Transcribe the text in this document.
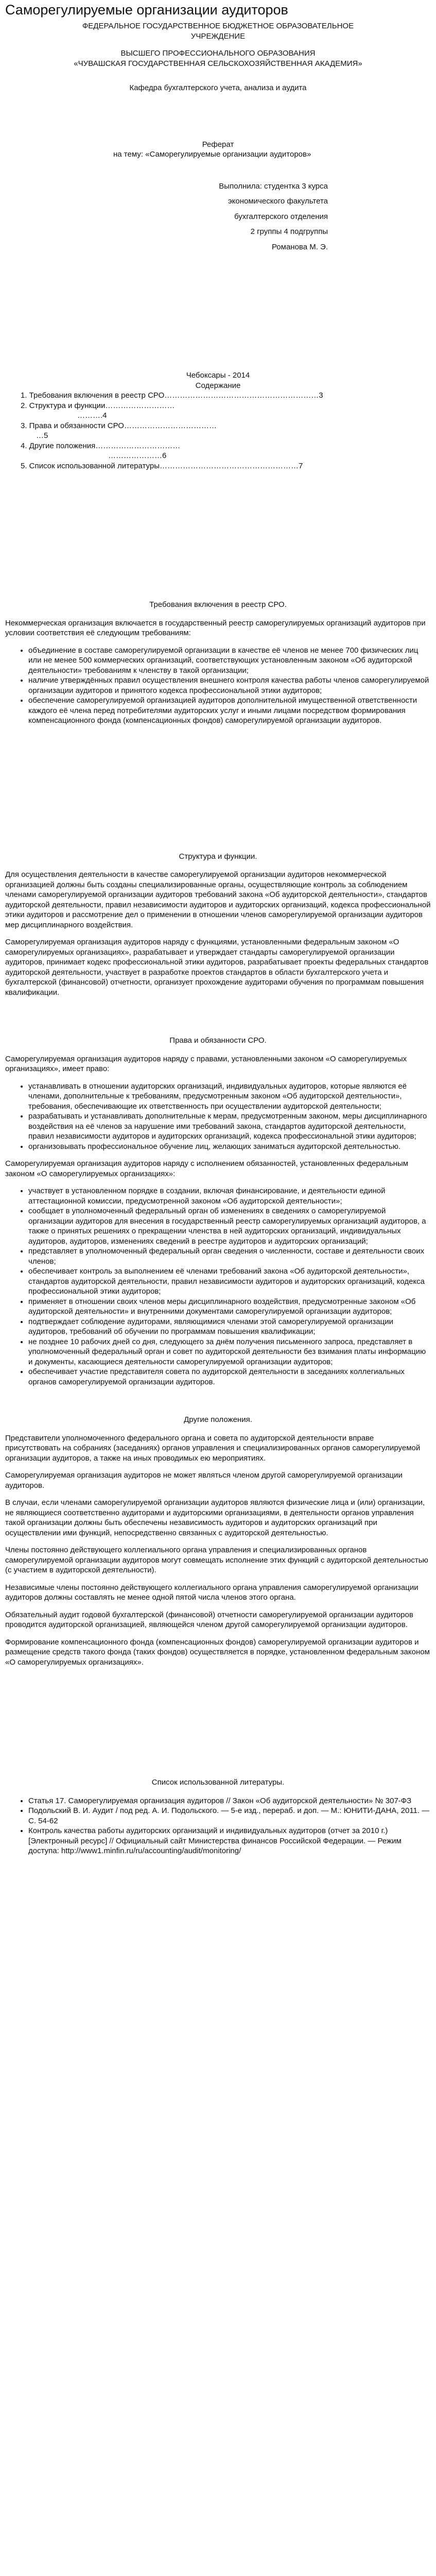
Саморегулируемые организации аудиторов
ФЕДЕРАЛЬНОЕ ГОСУДАРСТВЕННОЕ БЮДЖЕТНОЕ ОБРАЗОВАТЕЛЬНОЕ
УЧРЕЖДЕНИЕ
ВЫСШЕГО ПРОФЕССИОНАЛЬНОГО ОБРАЗОВАНИЯ
«ЧУВАШСКАЯ ГОСУДАРСТВЕННАЯ СЕЛЬСКОХОЗЯЙСТВЕННАЯ АКАДЕМИЯ»
Кафедра бухгалтерского учета, анализа и аудита
Реферат
на тему: «Саморегулируемые организации аудиторов»
Выполнила: студентка 3 курса
экономического факультета
бухгалтерского отделения
2 группы 4 подгруппы
Романова М. Э.
Чебоксары - 2014
Содержание
1. Требования включения в реестр СРО……………………………………………………3
2. Структура и функции………………………
……….4
3. Права и обязанности СРО………………………………
…5
4. Другие положения……………………………
…………………6
5. Список использованной литературы………………………………………………7
Требования включения в реестр СРО.

Некоммерческая организация включается в государственный реестр саморегулируемых организаций аудиторов при условии соответствия её следующим требованиям:

• объединение в составе саморегулируемой организации в качестве её членов не менее 700 физических лиц или не менее 500 коммерческих организаций, соответствующих установленным законом «Об аудиторской деятельности» требованиям к членству в такой организации;
• наличие утверждённых правил осуществления внешнего контроля качества работы членов саморегулируемой организации аудиторов и принятого кодекса профессиональной этики аудиторов;
• обеспечение саморегулируемой организацией аудиторов дополнительной имущественной ответственности каждого её члена перед потребителями аудиторских услуг и иными лицами посредством формирования компенсационного фонда (компенсационных фондов) саморегулируемой организации аудиторов.
Структура и функции.

Для осуществления деятельности в качестве саморегулируемой организации аудиторов некоммерческой организацией должны быть созданы специализированные органы, осуществляющие контроль за соблюдением членами саморегулируемой организации аудиторов требований закона «Об аудиторской деятельности», стандартов аудиторской деятельности, правил независимости аудиторов и аудиторских организаций, кодекса профессиональной этики аудиторов и рассмотрение дел о применении в отношении членов саморегулируемой организации аудиторов мер дисциплинарного воздействия.

Саморегулируемая организация аудиторов наряду с функциями, установленными федеральным законом «О саморегулируемых организациях», разрабатывает и утверждает стандарты саморегулируемой организации аудиторов, принимает кодекс профессиональной этики аудиторов, разрабатывает проекты федеральных стандартов аудиторской деятельности, участвует в разработке проектов стандартов в области бухгалтерского учета и бухгалтерской (финансовой) отчетности, организует прохождение аудиторами обучения по программам повышения квалификации.

Права и обязанности СРО.

Саморегулируемая организация аудиторов наряду с правами, установленными законом «О саморегулируемых организациях», имеет право:

• устанавливать в отношении аудиторских организаций, индивидуальных аудиторов, которые являются её членами, дополнительные к требованиям, предусмотренным законом «Об аудиторской деятельности», требования, обеспечивающие их ответственность при осуществлении аудиторской деятельности;
• разрабатывать и устанавливать дополнительные к мерам, предусмотренным законом, меры дисциплинарного воздействия на её членов за нарушение ими требований закона, стандартов аудиторской деятельности, правил независимости аудиторов и аудиторских организаций, кодекса профессиональной этики аудиторов;
• организовывать профессиональное обучение лиц, желающих заниматься аудиторской деятельностью.

Саморегулируемая организация аудиторов наряду с исполнением обязанностей, установленных федеральным законом «О саморегулируемых организациях»:

• участвует в установленном порядке в создании, включая финансирование, и деятельности единой аттестационной комиссии, предусмотренной законом «Об аудиторской деятельности»;
• сообщает в уполномоченный федеральный орган об изменениях в сведениях о саморегулируемой организации аудиторов для внесения в государственный реестр саморегулируемых организаций аудиторов, а также о принятых решениях о прекращении членства в ней аудиторских организаций, индивидуальных аудиторов, аудиторов, изменениях сведений в реестре аудиторов и аудиторских организаций;
• представляет в уполномоченный федеральный орган сведения о численности, составе и деятельности своих членов;
• обеспечивает контроль за выполнением её членами требований закона «Об аудиторской деятельности», стандартов аудиторской деятельности, правил независимости аудиторов и аудиторских организаций, кодекса профессиональной этики аудиторов;
• применяет в отношении своих членов меры дисциплинарного воздействия, предусмотренные законом «Об аудиторской деятельности» и внутренними документами саморегулируемой организации аудиторов;
• подтверждает соблюдение аудиторами, являющимися членами этой саморегулируемой организации аудиторов, требований об обучении по программам повышения квалификации;
• не позднее 10 рабочих дней со дня, следующего за днём получения письменного запроса, представляет в уполномоченный федеральный орган и совет по аудиторской деятельности без взимания платы информацию и документы, касающиеся деятельности саморегулируемой организации аудиторов;
• обеспечивает участие представителя совета по аудиторской деятельности в заседаниях коллегиальных органов саморегулируемой организации аудиторов.
Другие положения.

Представители уполномоченного федерального органа и совета по аудиторской деятельности вправе присутствовать на собраниях (заседаниях) органов управления и специализированных органов саморегулируемой организации аудиторов, а также на иных проводимых ею мероприятиях.

Саморегулируемая организация аудиторов не может являться членом другой саморегулируемой организации аудиторов.

В случаи, если членами саморегулируемой организации аудиторов являются физические лица и (или) организации, не являющиеся соответственно аудиторами и аудиторскими организациями, в деятельности органов управления такой организации должны быть обеспечены независимость аудиторов и аудиторских организаций при осуществлении ими функций, непосредственно связанных с аудиторской деятельностью.

Члены постоянно действующего коллегиального органа управления и специализированных органов саморегулируемой организации аудиторов могут совмещать исполнение этих функций с аудиторской деятельностью (с участием в аудиторской деятельности).

Независимые члены постоянно действующего коллегиального органа управления саморегулируемой организации аудиторов должны составлять не менее одной пятой числа членов этого органа.

Обязательный аудит годовой бухгалтерской (финансовой) отчетности саморегулируемой организации аудиторов проводится аудиторской организацией, являющейся членом другой саморегулируемой организации аудиторов.

Формирование компенсационного фонда (компенсационных фондов) саморегулируемой организации аудиторов и размещение средств такого фонда (таких фондов) осуществляется в порядке, установленном федеральным законом «О саморегулируемых организациях».

Список использованной литературы.
• Статья 17. Саморегулируемая организация аудиторов // Закон «Об аудиторской деятельности» № 307-ФЗ
• Подольский В. И. Аудит / под ред. А. И. Подольского. — 5-е изд., перераб. и доп. — М.: ЮНИТИ-ДАНА, 2011. — С. 54-62
• Контроль качества работы аудиторских организаций и индивидуальных аудиторов (отчет за 2010 г.) [Электронный ресурс] // Официальный сайт Министерства финансов Российской Федерации. — Режим доступа: http://www1.minfin.ru/ru/accounting/audit/monitoring/
